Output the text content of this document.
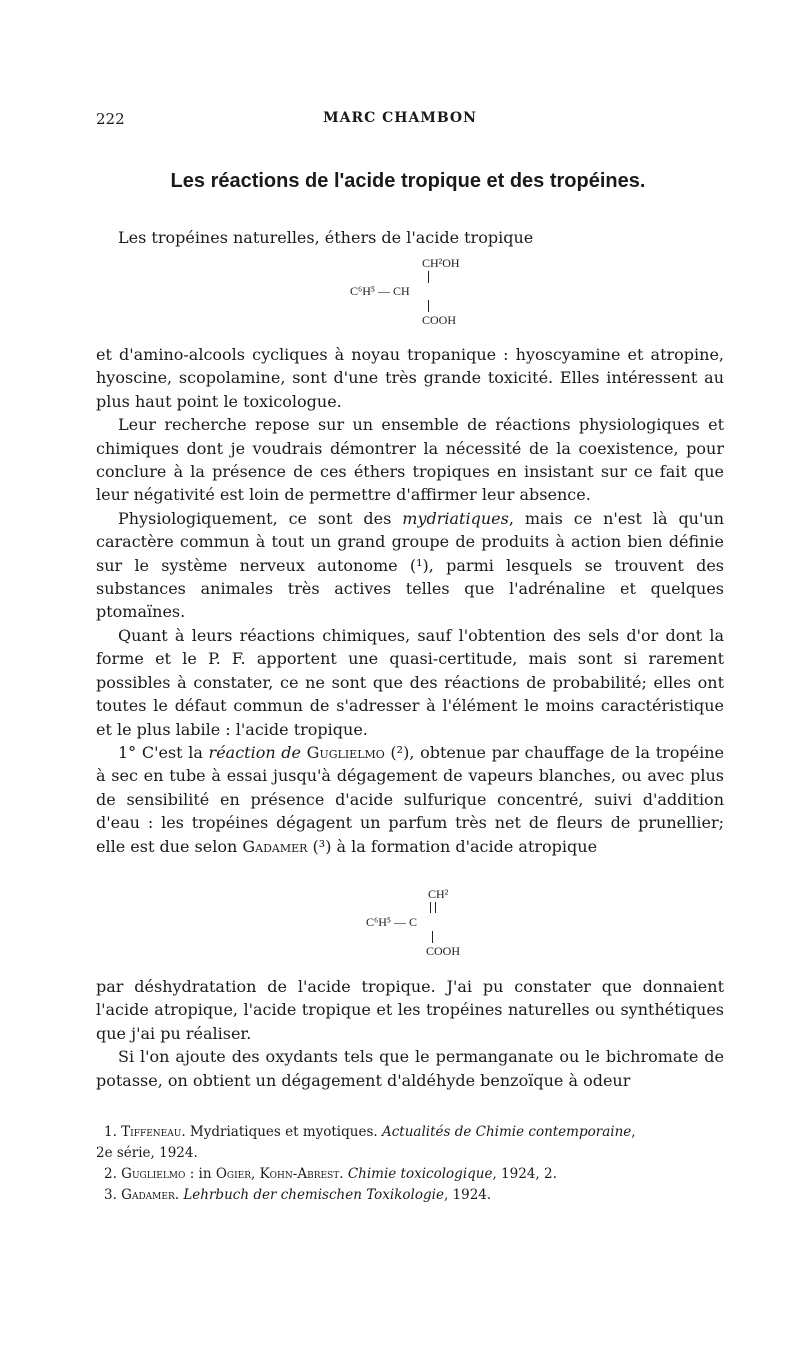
222	MARC CHAMBON
Les réactions de l'acide tropique et des tropéines.

Les tropéines naturelles, éthers de l'acide tropique

CH²OH
C⁶H⁵ — CH
COOH

et d'amino-alcools cycliques à noyau tropanique : hyoscyamine et atropine, hyoscine, scopolamine, sont d'une très grande toxicité. Elles intéressent au plus haut point le toxicologue.

Leur recherche repose sur un ensemble de réactions physiologiques et chimiques dont je voudrais démontrer la nécessité de la coexistence, pour conclure à la présence de ces éthers tropiques en insistant sur ce fait que leur négativité est loin de permettre d'affirmer leur absence.

Physiologiquement, ce sont des mydriatiques, mais ce n'est là qu'un caractère commun à tout un grand groupe de produits à action bien définie sur le système nerveux autonome (¹), parmi lesquels se trouvent des substances animales très actives telles que l'adrénaline et quelques ptomaïnes.

Quant à leurs réactions chimiques, sauf l'obtention des sels d'or dont la forme et le P. F. apportent une quasi-certitude, mais sont si rarement possibles à constater, ce ne sont que des réactions de probabilité; elles ont toutes le défaut commun de s'adresser à l'élément le moins caractéristique et le plus labile : l'acide tropique.

1° C'est la réaction de Guglielmo (²), obtenue par chauffage de la tropéine à sec en tube à essai jusqu'à dégagement de vapeurs blanches, ou avec plus de sensibilité en présence d'acide sulfurique concentré, suivi d'addition d'eau : les tropéines dégagent un parfum très net de fleurs de prunellier; elle est due selon Gadamer (³) à la formation d'acide atropique

CH²
C⁶H⁵ — C
COOH

par déshydratation de l'acide tropique. J'ai pu constater que donnaient l'acide atropique, l'acide tropique et les tropéines naturelles ou synthétiques que j'ai pu réaliser.

Si l'on ajoute des oxydants tels que le permanganate ou le bichromate de potasse, on obtient un dégagement d'aldéhyde benzoïque à odeur

1. Tiffeneau. Mydriatiques et myotiques. Actualités de Chimie contemporaine,
2e série, 1924.
2. Guglielmo : in Ogier, Kohn-Abrest. Chimie toxicologique, 1924, 2.
3. Gadamer. Lehrbuch der chemischen Toxikologie, 1924.
